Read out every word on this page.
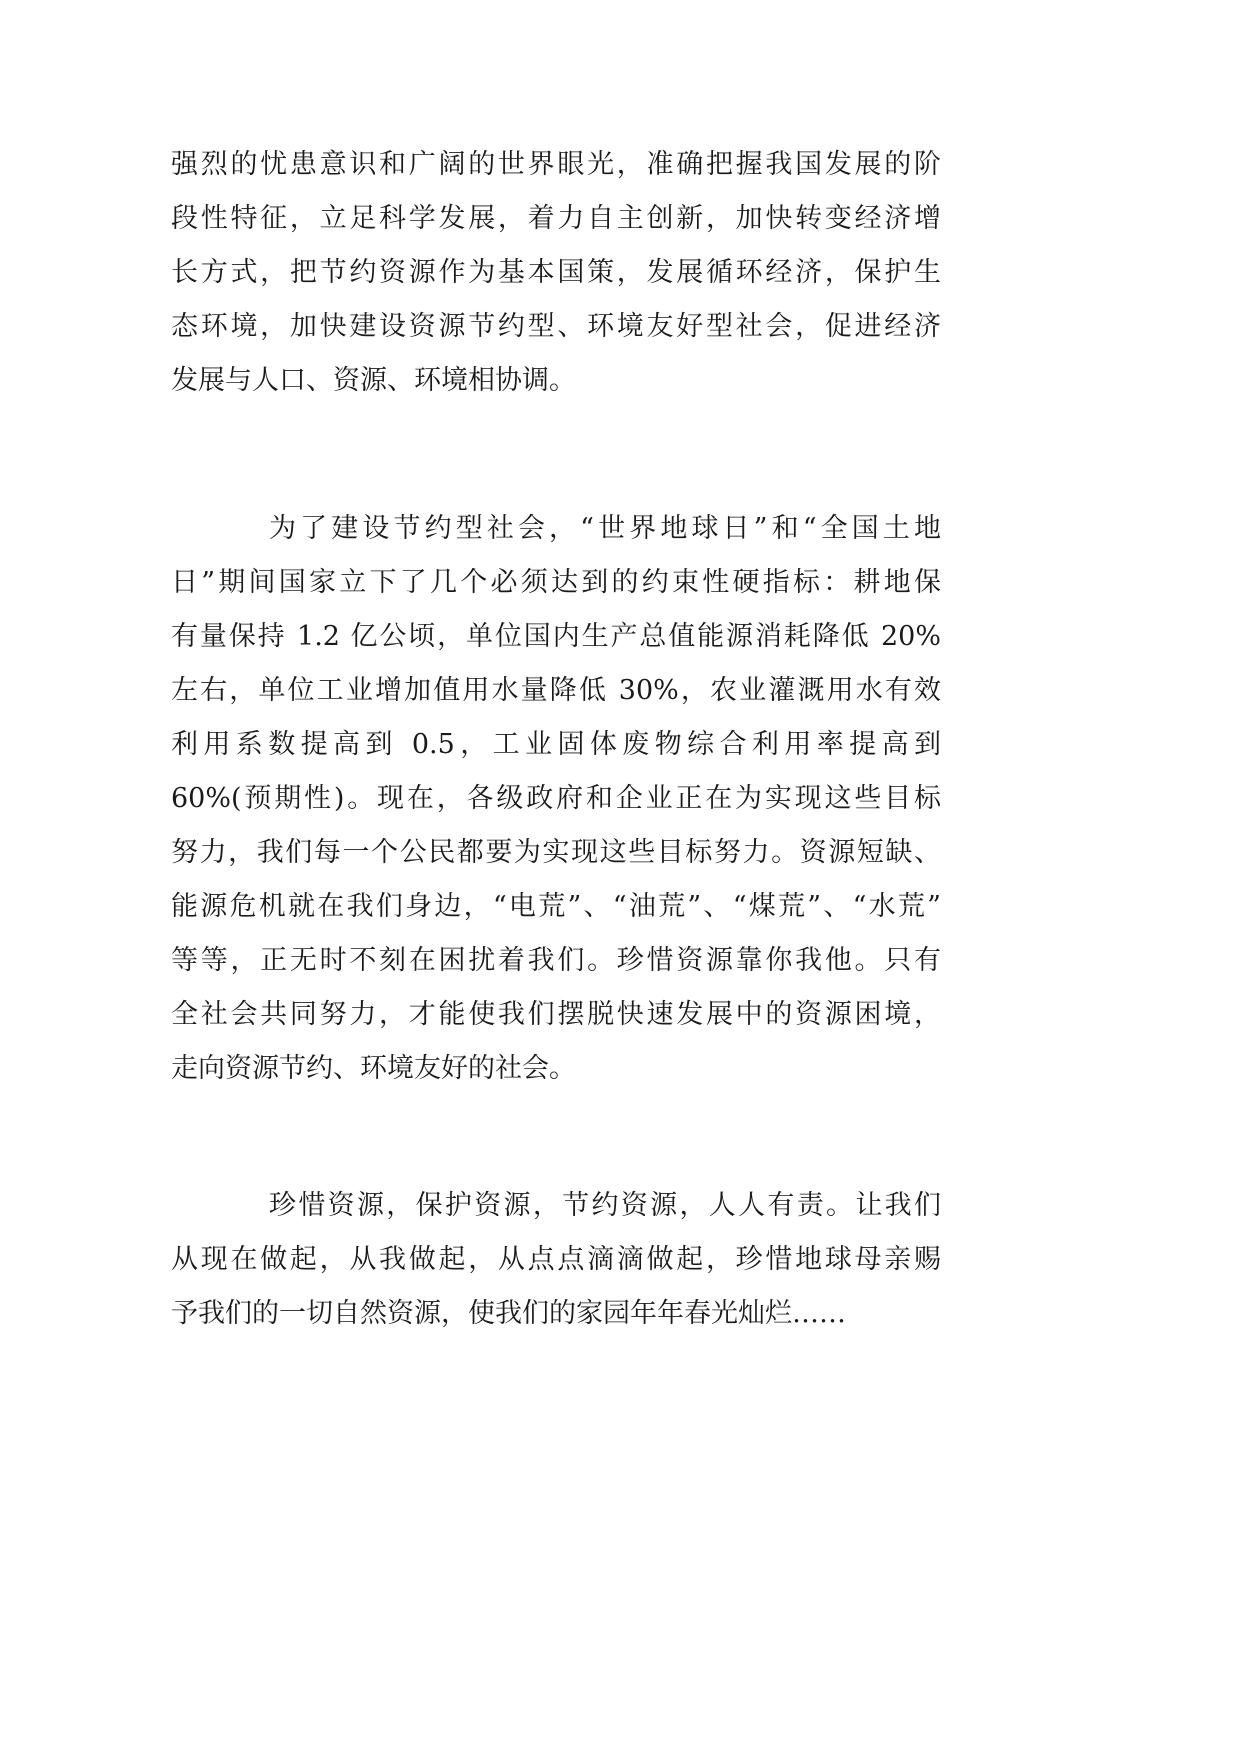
强烈的忧患意识和广阔的世界眼光，准确把握我国发展的阶
段性特征，立足科学发展，着力自主创新，加快转变经济增
长方式，把节约资源作为基本国策，发展循环经济，保护生
态环境，加快建设资源节约型、环境友好型社会，促进经济
发展与人口、资源、环境相协调。
为了建设节约型社会，“世界地球日”和“全国土地
日”期间国家立下了几个必须达到的约束性硬指标：耕地保
有量保持 1.2 亿公顷，单位国内生产总值能源消耗降低 20%
左右，单位工业增加值用水量降低 30%，农业灌溉用水有效
利用系数提高到 0.5，工业固体废物综合利用率提高到
60%(预期性)。现在，各级政府和企业正在为实现这些目标
努力，我们每一个公民都要为实现这些目标努力。资源短缺、
能源危机就在我们身边，“电荒”、“油荒”、“煤荒”、“水荒”
等等，正无时不刻在困扰着我们。珍惜资源靠你我他。只有
全社会共同努力，才能使我们摆脱快速发展中的资源困境，
走向资源节约、环境友好的社会。
珍惜资源，保护资源，节约资源，人人有责。让我们
从现在做起，从我做起，从点点滴滴做起，珍惜地球母亲赐
予我们的一切自然资源，使我们的家园年年春光灿烂……
